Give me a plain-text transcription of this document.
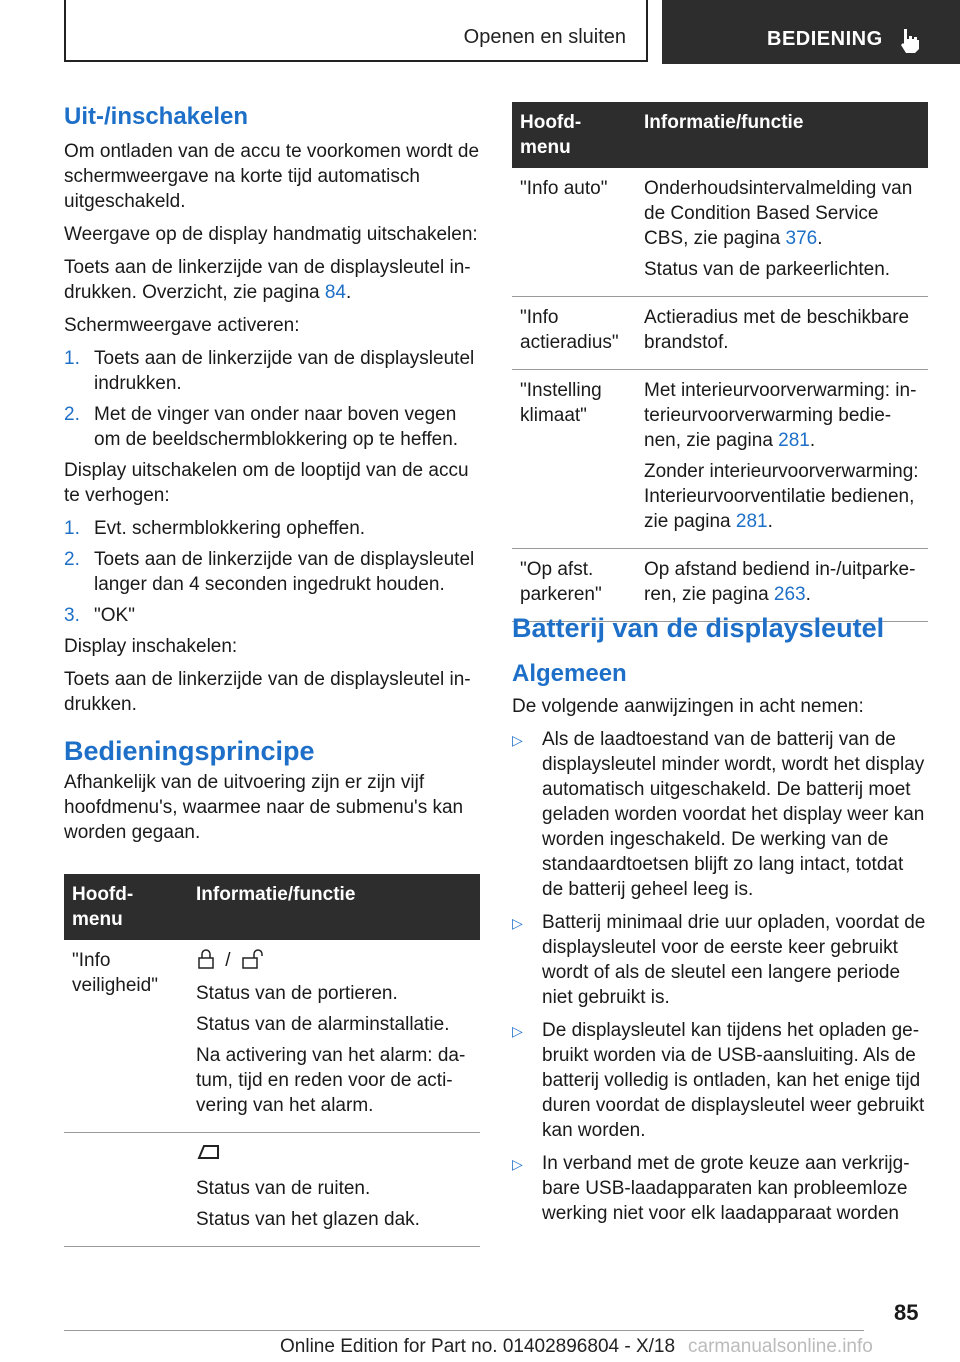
Openen en sluiten	BEDIENING
Uit-/inschakelen

Om ontladen van de accu te voorkomen wordt de schermweergave na korte tijd automatisch uitgeschakeld.

Weergave op de display handmatig uitschakelen:

Toets aan de linkerzijde van de displaysleutel in-drukken. Overzicht, zie pagina 84.

Schermweergave activeren:

1. Toets aan de linkerzijde van de displaysleutel indrukken.
2. Met de vinger van onder naar boven vegen om de beeldschermblokkering op te heffen.

Display uitschakelen om de looptijd van de accu te verhogen:

1. Evt. schermblokkering opheffen.
2. Toets aan de linkerzijde van de displaysleutel langer dan 4 seconden ingedrukt houden.
3. "OK"

Display inschakelen:

Toets aan de linkerzijde van de displaysleutel in-drukken.

Bedieningsprincipe

Afhankelijk van de uitvoering zijn er zijn vijf hoofdmenu's, waarmee naar de submenu's kan worden gegaan.

Hoofd-menu	Informatie/functie
"Info veiligheid"	/

Status van de portieren.

Status van de alarminstallatie.

Na activering van het alarm: da-tum, tijd en reden voor de acti-vering van het alarm.

	Status van de ruiten.

Status van het glazen dak.

Hoofd-menu	Informatie/functie
"Info auto"	Onderhoudsintervalmelding van de Condition Based Service CBS, zie pagina 376.

Status van de parkeerlichten.

"Info actieradius"	Actieradius met de beschikbare brandstof.

"Instelling klimaat"	Met interieurvoorverwarming: in-terieurvoorverwarming bedie-nen, zie pagina 281.

Zonder interieurvoorverwarming: Interieurvoorventilatie bedienen, zie pagina 281.

"Op afst. parkeren"	Op afstand bediend in-/uitparke-ren, zie pagina 263.

Batterij van de displaysleutel
Algemeen

De volgende aanwijzingen in acht nemen:

▷ Als de laadtoestand van de batterij van de displaysleutel minder wordt, wordt het display automatisch uitgeschakeld. De batterij moet geladen worden voordat het display weer kan worden ingeschakeld. De werking van de standaardtoetsen blijft zo lang intact, totdat de batterij geheel leeg is.
▷ Batterij minimaal drie uur opladen, voordat de displaysleutel voor de eerste keer gebruikt wordt of als de sleutel een langere periode niet gebruikt is.
▷ De displaysleutel kan tijdens het opladen ge-bruikt worden via de USB-aansluiting. Als de batterij volledig is ontladen, kan het enige tijd duren voordat de displaysleutel weer gebruikt kan worden.
▷ In verband met de grote keuze aan verkrijg-bare USB-laadapparaten kan probleemloze werking niet voor elk laadapparaat worden
85
Online Edition for Part no. 01402896804 - X/18 carmanualsonline.info
